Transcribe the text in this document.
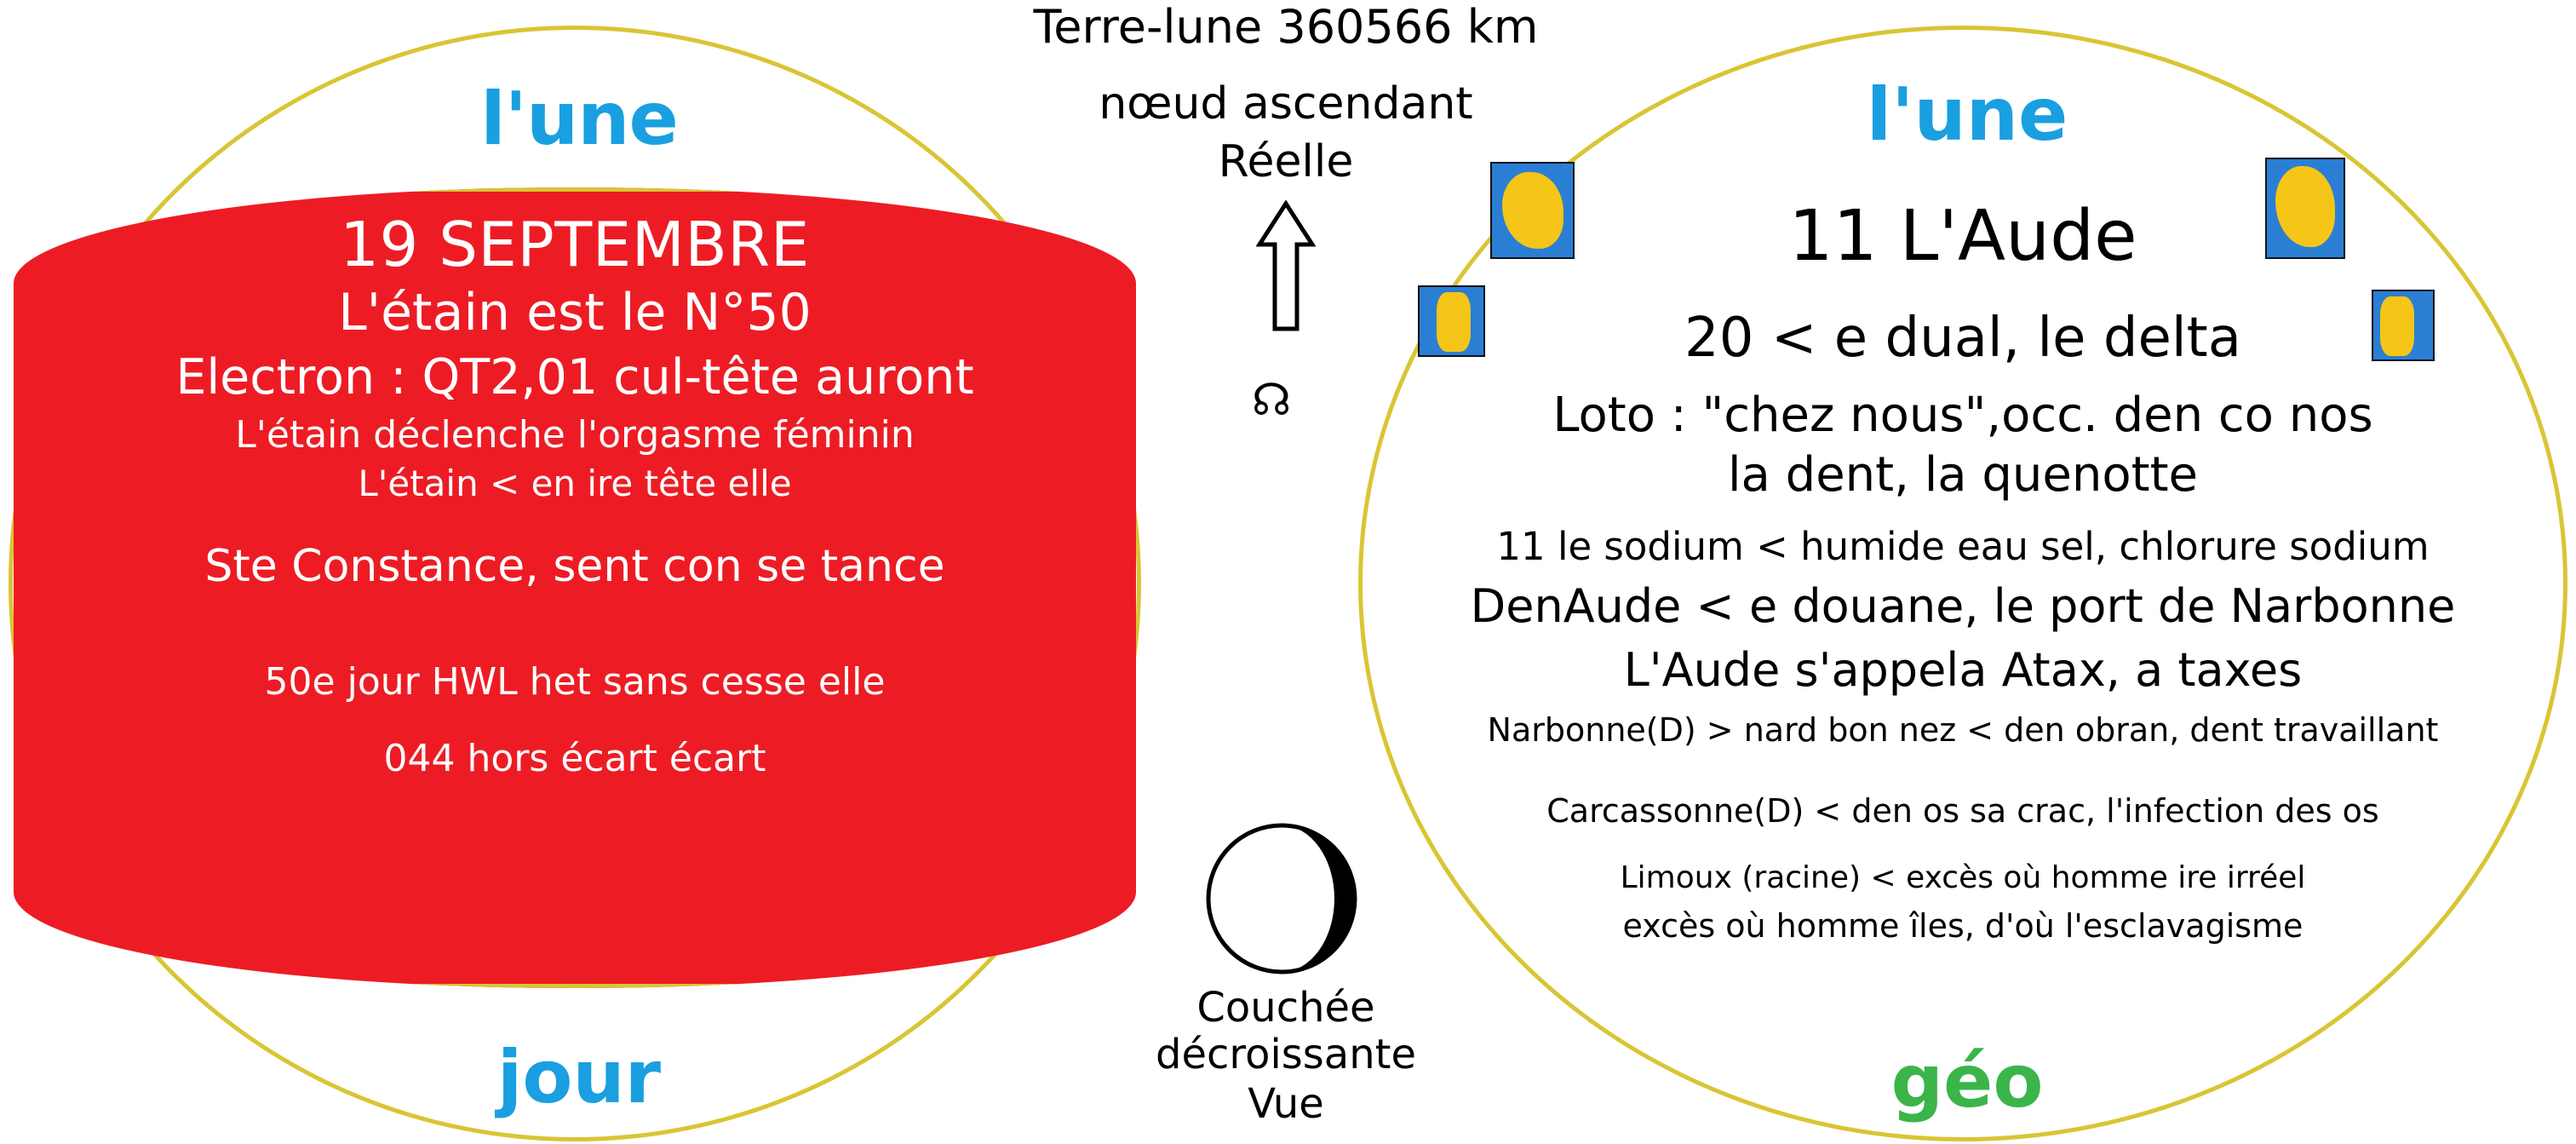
l'une
19 SEPTEMBRE
L'étain est le N°50
Electron : QT2,01 cul-tête auront
L'étain déclenche l'orgasme féminin
L'étain < en ire tête elle
Ste Constance, sent con se tance
50e jour HWL het sans cesse elle
044 hors écart écart
jour
l'une
11 L'Aude
20 < e dual, le delta
Loto : "chez nous",occ. den co nos
la dent, la quenotte
11 le sodium < humide eau sel, chlorure sodium
DenAude < e douane, le port de Narbonne
L'Aude s'appela Atax, a taxes
Narbonne(D) > nard bon nez < den obran, dent travaillant
Carcassonne(D) < den os sa crac, l'infection des os
Limoux (racine) < excès où homme ire irréel
excès où homme îles, d'où l'esclavagisme
géo
Terre-lune 360566 km
nœud ascendant
Réelle
☊
Couchée
décroissante
Vue
